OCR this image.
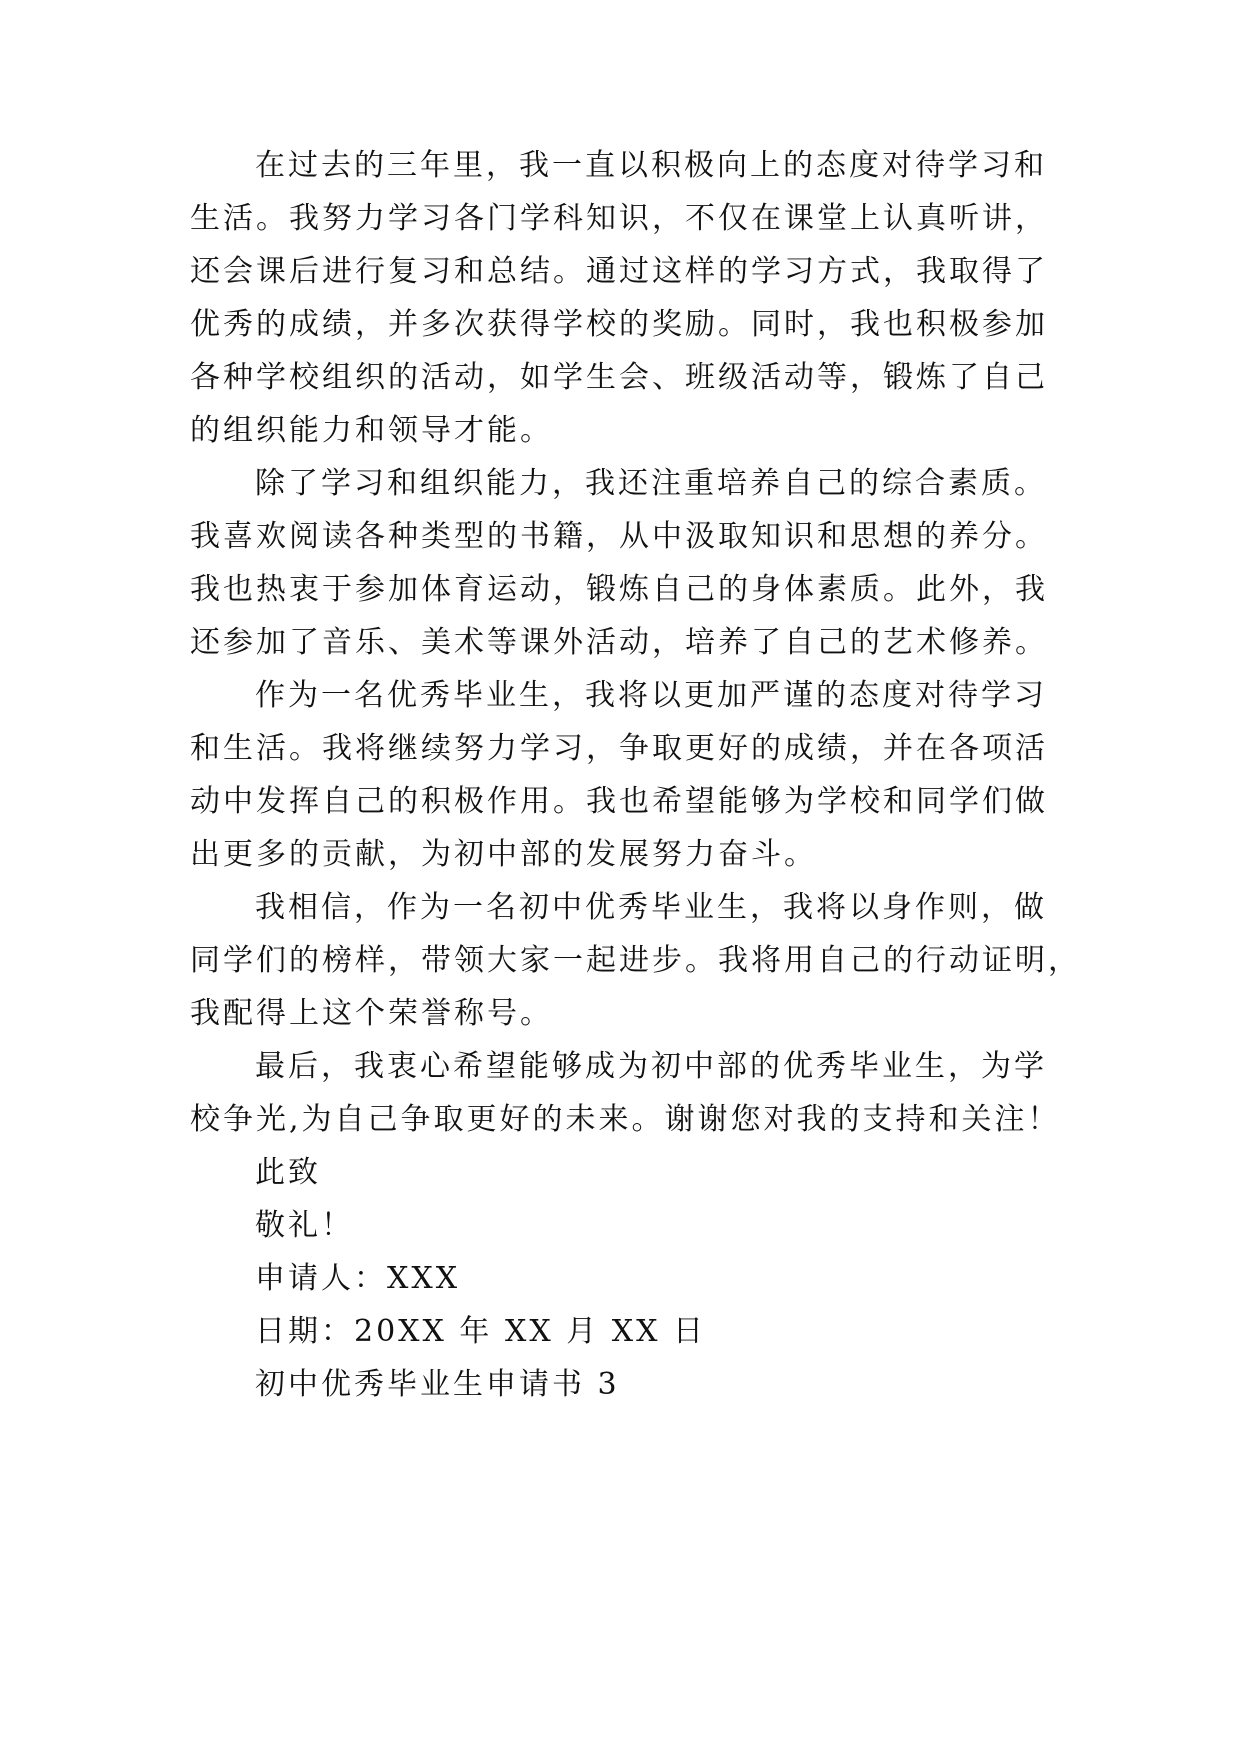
在过去的三年里，我一直以积极向上的态度对待学习和
生活。我努力学习各门学科知识，不仅在课堂上认真听讲，
还会课后进行复习和总结。通过这样的学习方式，我取得了
优秀的成绩，并多次获得学校的奖励。同时，我也积极参加
各种学校组织的活动，如学生会、班级活动等，锻炼了自己
的组织能力和领导才能。
除了学习和组织能力，我还注重培养自己的综合素质。
我喜欢阅读各种类型的书籍，从中汲取知识和思想的养分。
我也热衷于参加体育运动，锻炼自己的身体素质。此外，我
还参加了音乐、美术等课外活动，培养了自己的艺术修养。
作为一名优秀毕业生，我将以更加严谨的态度对待学习
和生活。我将继续努力学习，争取更好的成绩，并在各项活
动中发挥自己的积极作用。我也希望能够为学校和同学们做
出更多的贡献，为初中部的发展努力奋斗。
我相信，作为一名初中优秀毕业生，我将以身作则，做
同学们的榜样，带领大家一起进步。我将用自己的行动证明，
我配得上这个荣誉称号。
最后，我衷心希望能够成为初中部的优秀毕业生，为学
校争光,为自己争取更好的未来。谢谢您对我的支持和关注！
此致
敬礼！
申请人：XXX
日期：20XX 年 XX 月 XX 日
初中优秀毕业生申请书 3
